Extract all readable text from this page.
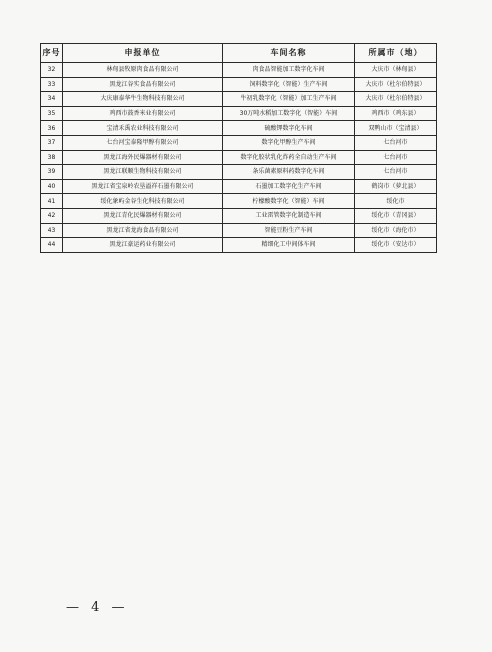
序号	申报单位	车间名称	所属市（地）
32	林甸县牧原肉食品有限公司	肉食品智能加工数字化车间	大庆市（林甸县）
33	黑龙江谷实食品有限公司	饲料数字化（智能）生产车间	大庆市（杜尔伯特县）
34	大庆康泰华牛生物科技有限公司	牛初乳数字化（智能）加工生产车间	大庆市（杜尔伯特县）
35	鸡西市鼓香米业有限公司	30万吨水稻加工数字化（智能）车间	鸡西市（鸡东县）
36	宝清禾禹农业科技有限公司	硫酸钾数字化车间	双鸭山市（宝清县）
37	七台河宝泰隆甲醇有限公司	数字化甲醇生产车间	七台河市
38	黑龙江海外民爆器材有限公司	数字化胶状乳化炸药全自动生产车间	七台河市
39	黑龙江联顺生物科技有限公司	条乐菌素原料药数字化车间	七台河市
40	黑龙江省宝泉岭农垦溢祥石墨有限公司	石墨加工数字化生产车间	鹤岗市（萝北县）
41	绥化象屿金谷生化科技有限公司	柠檬酸数字化（智能）车间	绥化市
42	黑龙江青化民爆器材有限公司	工业雷管数字化制造车间	绥化市（青冈县）
43	黑龙江省龙海食品有限公司	智能豆粉生产车间	绥化市（海伦市）
44	黑龙江豪运药业有限公司	精细化工中间体车间	绥化市（安达市）
— 4 —
